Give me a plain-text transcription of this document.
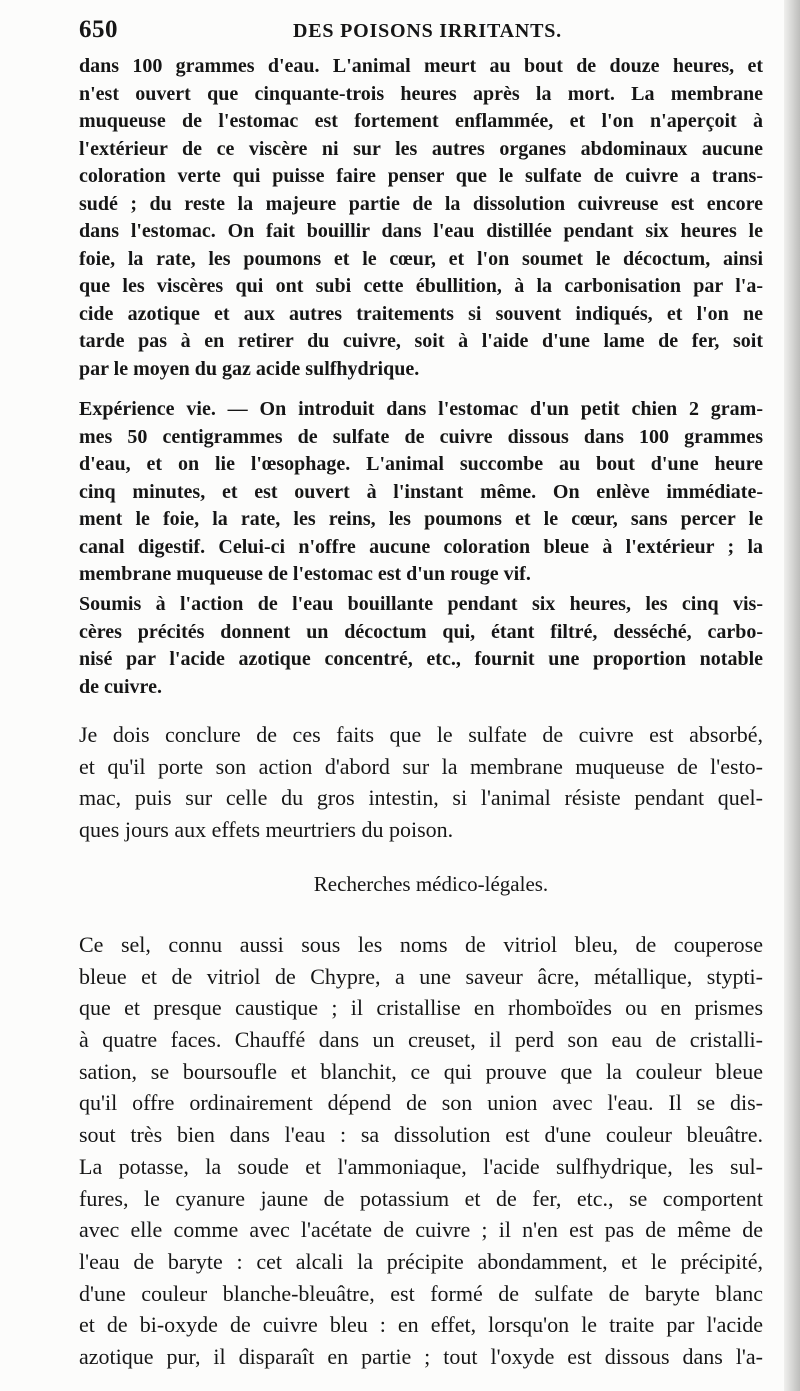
650	DES POISONS IRRITANTS.
dans 100 grammes d'eau. L'animal meurt au bout de douze heures, et
n'est ouvert que cinquante-trois heures après la mort. La membrane
muqueuse de l'estomac est fortement enflammée, et l'on n'aperçoit à
l'extérieur de ce viscère ni sur les autres organes abdominaux aucune
coloration verte qui puisse faire penser que le sulfate de cuivre a trans-
sudé ; du reste la majeure partie de la dissolution cuivreuse est encore
dans l'estomac. On fait bouillir dans l'eau distillée pendant six heures le
foie, la rate, les poumons et le cœur, et l'on soumet le décoctum, ainsi
que les viscères qui ont subi cette ébullition, à la carbonisation par l'a-
cide azotique et aux autres traitements si souvent indiqués, et l'on ne
tarde pas à en retirer du cuivre, soit à l'aide d'une lame de fer, soit
par le moyen du gaz acide sulfhydrique.
Expérience vie. — On introduit dans l'estomac d'un petit chien 2 gram-
mes 50 centigrammes de sulfate de cuivre dissous dans 100 grammes
d'eau, et on lie l'œsophage. L'animal succombe au bout d'une heure
cinq minutes, et est ouvert à l'instant même. On enlève immédiate-
ment le foie, la rate, les reins, les poumons et le cœur, sans percer le
canal digestif. Celui-ci n'offre aucune coloration bleue à l'extérieur ; la
membrane muqueuse de l'estomac est d'un rouge vif.
Soumis à l'action de l'eau bouillante pendant six heures, les cinq vis-
cères précités donnent un décoctum qui, étant filtré, desséché, carbo-
nisé par l'acide azotique concentré, etc., fournit une proportion notable
de cuivre.
Je dois conclure de ces faits que le sulfate de cuivre est absorbé,
et qu'il porte son action d'abord sur la membrane muqueuse de l'esto-
mac, puis sur celle du gros intestin, si l'animal résiste pendant quel-
ques jours aux effets meurtriers du poison.
Recherches médico-légales.
Ce sel, connu aussi sous les noms de vitriol bleu, de couperose
bleue et de vitriol de Chypre, a une saveur âcre, métallique, stypti-
que et presque caustique ; il cristallise en rhomboïdes ou en prismes
à quatre faces. Chauffé dans un creuset, il perd son eau de cristalli-
sation, se boursoufle et blanchit, ce qui prouve que la couleur bleue
qu'il offre ordinairement dépend de son union avec l'eau. Il se dis-
sout très bien dans l'eau : sa dissolution est d'une couleur bleuâtre.
La potasse, la soude et l'ammoniaque, l'acide sulfhydrique, les sul-
fures, le cyanure jaune de potassium et de fer, etc., se comportent
avec elle comme avec l'acétate de cuivre ; il n'en est pas de même de
l'eau de baryte : cet alcali la précipite abondamment, et le précipité,
d'une couleur blanche-bleuâtre, est formé de sulfate de baryte blanc
et de bi-oxyde de cuivre bleu : en effet, lorsqu'on le traite par l'acide
azotique pur, il disparaît en partie ; tout l'oxyde est dissous dans l'a-
